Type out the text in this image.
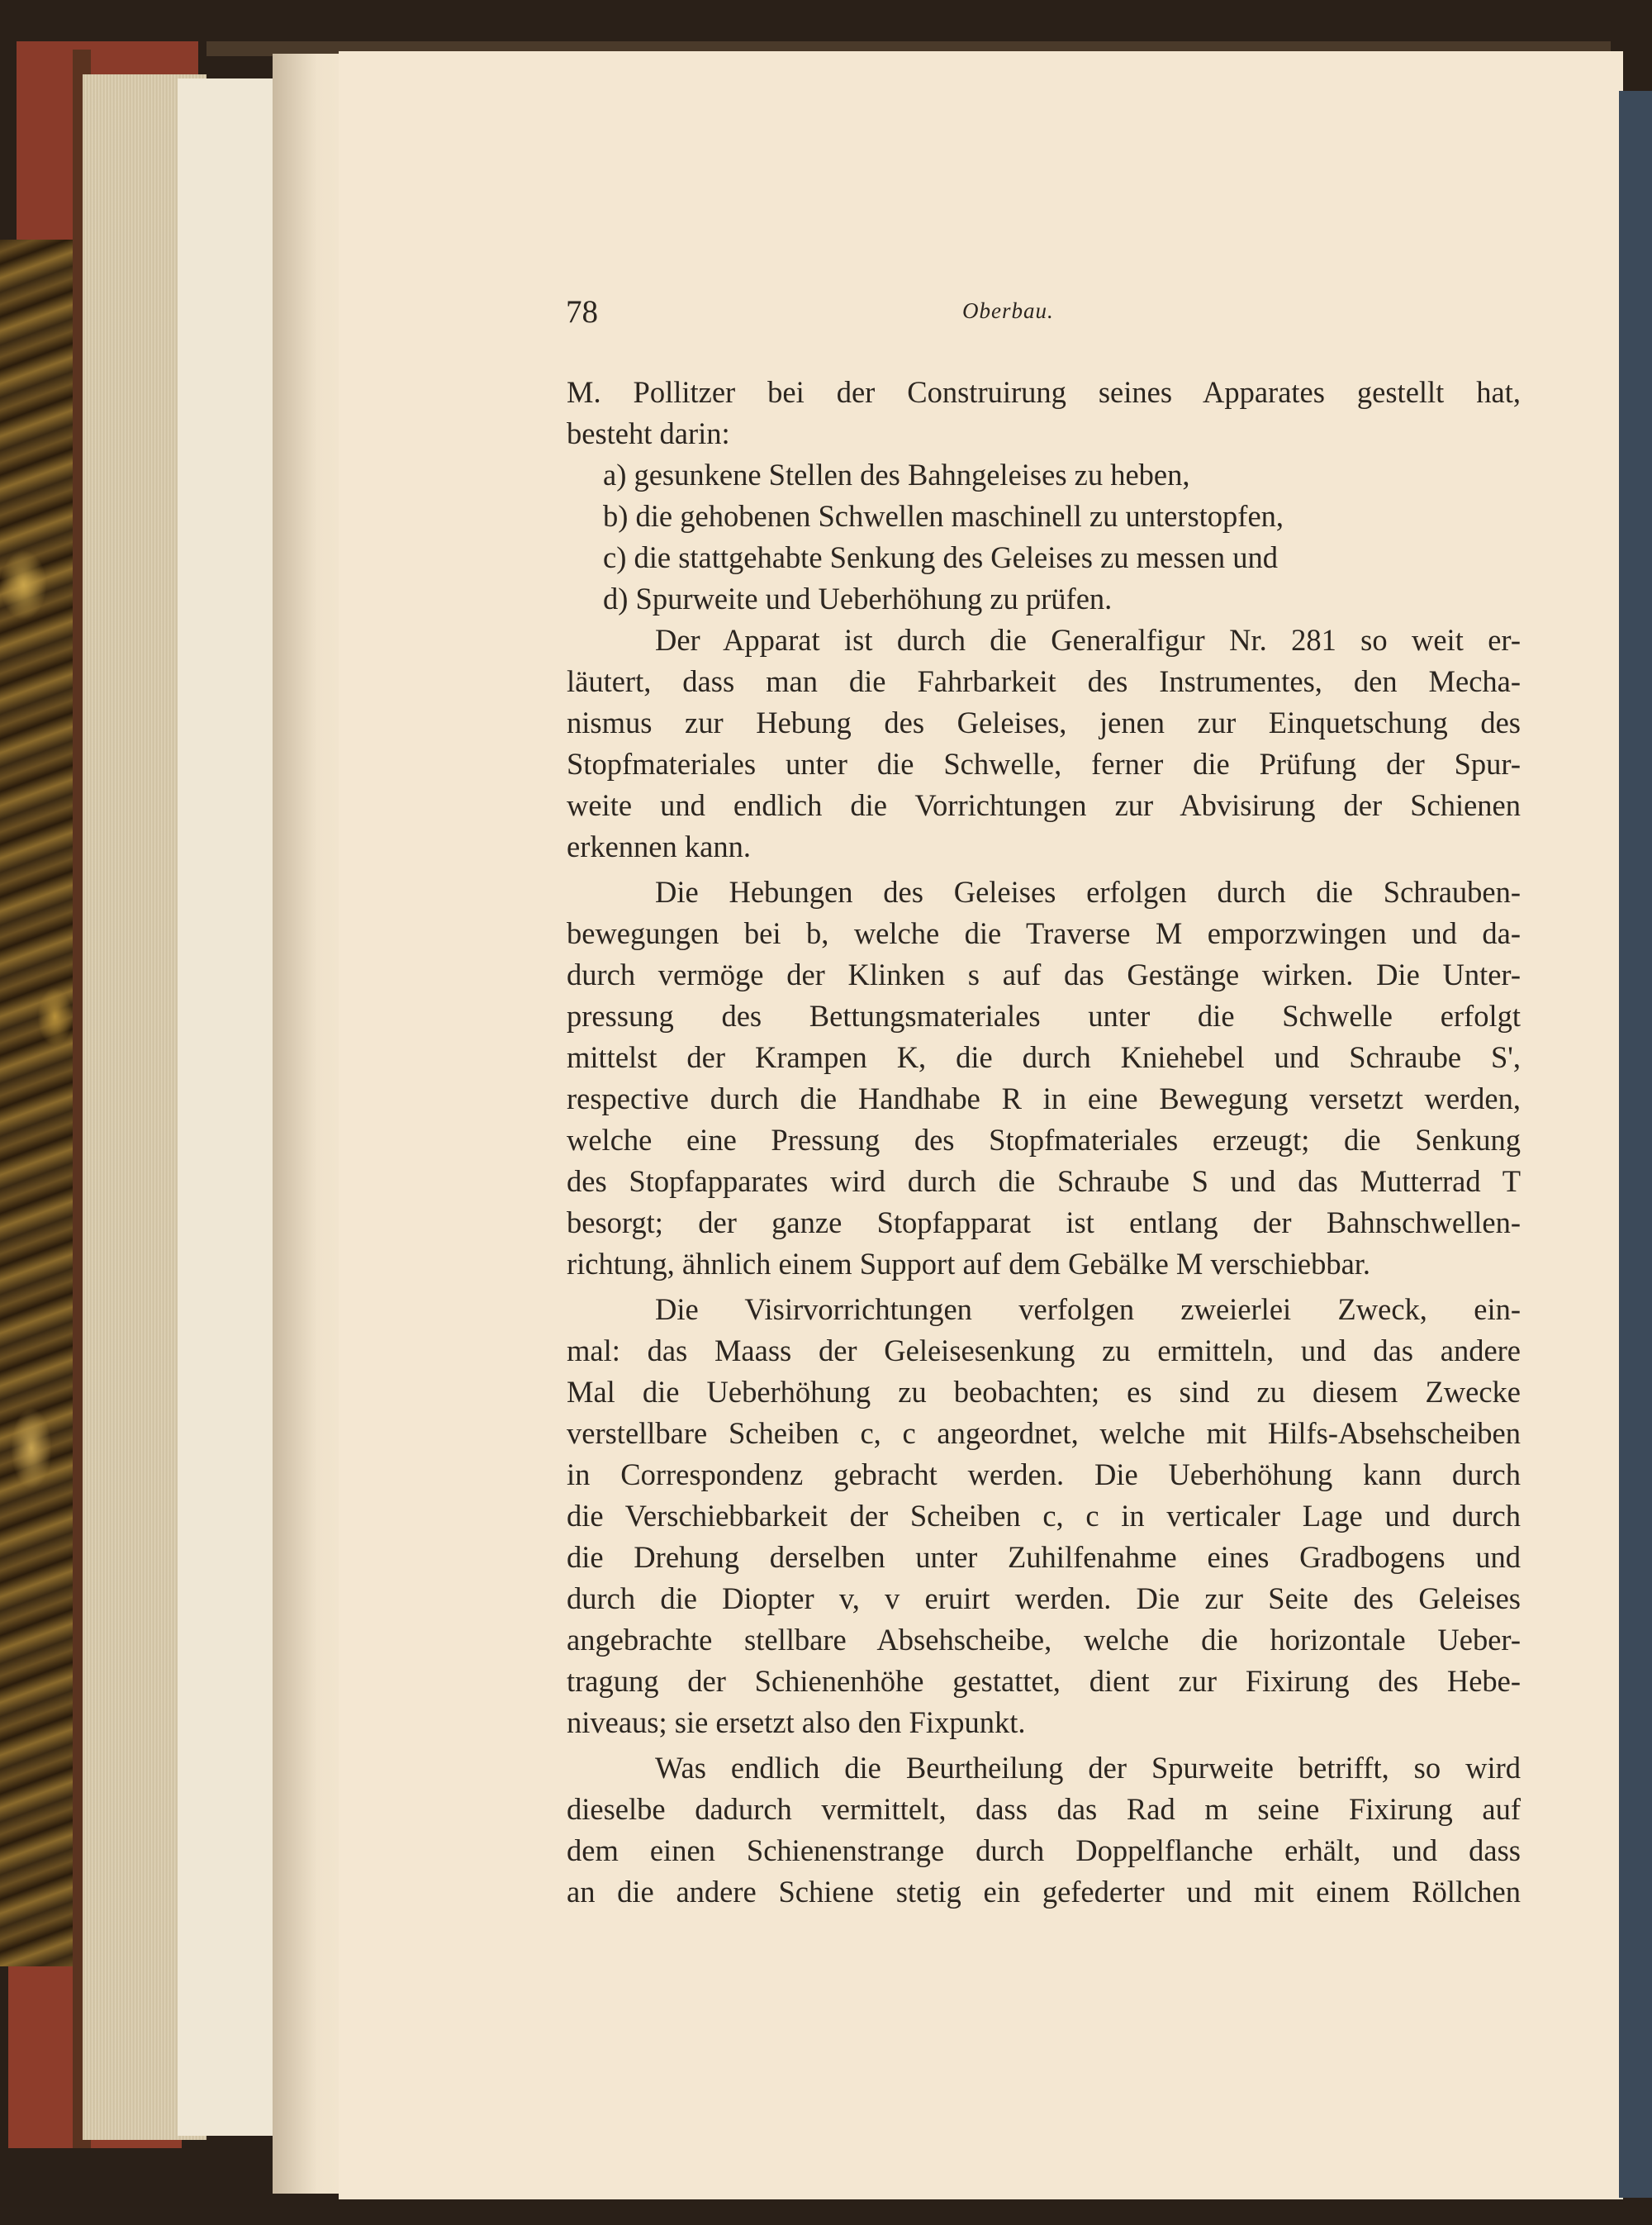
78	Oberbau.
M. Pollitzer bei der Construirung seines Apparates gestellt hat,
besteht darin:
a) gesunkene Stellen des Bahngeleises zu heben,
b) die gehobenen Schwellen maschinell zu unterstopfen,
c) die stattgehabte Senkung des Geleises zu messen und
d) Spurweite und Ueberhöhung zu prüfen.
Der Apparat ist durch die Generalfigur Nr. 281 so weit er-
läutert, dass man die Fahrbarkeit des Instrumentes, den Mecha-
nismus zur Hebung des Geleises, jenen zur Einquetschung des
Stopfmateriales unter die Schwelle, ferner die Prüfung der Spur-
weite und endlich die Vorrichtungen zur Abvisirung der Schienen
erkennen kann.
Die Hebungen des Geleises erfolgen durch die Schrauben-
bewegungen bei b, welche die Traverse M emporzwingen und da-
durch vermöge der Klinken s auf das Gestänge wirken. Die Unter-
pressung des Bettungsmateriales unter die Schwelle erfolgt
mittelst der Krampen K, die durch Kniehebel und Schraube S',
respective durch die Handhabe R in eine Bewegung versetzt werden,
welche eine Pressung des Stopfmateriales erzeugt; die Senkung
des Stopfapparates wird durch die Schraube S und das Mutterrad T
besorgt; der ganze Stopfapparat ist entlang der Bahnschwellen-
richtung, ähnlich einem Support auf dem Gebälke M verschiebbar.
Die Visirvorrichtungen verfolgen zweierlei Zweck, ein-
mal: das Maass der Geleisesenkung zu ermitteln, und das andere
Mal die Ueberhöhung zu beobachten; es sind zu diesem Zwecke
verstellbare Scheiben c, c angeordnet, welche mit Hilfs-Absehscheiben
in Correspondenz gebracht werden. Die Ueberhöhung kann durch
die Verschiebbarkeit der Scheiben c, c in verticaler Lage und durch
die Drehung derselben unter Zuhilfenahme eines Gradbogens und
durch die Diopter v, v eruirt werden. Die zur Seite des Geleises
angebrachte stellbare Absehscheibe, welche die horizontale Ueber-
tragung der Schienenhöhe gestattet, dient zur Fixirung des Hebe-
niveaus; sie ersetzt also den Fixpunkt.
Was endlich die Beurtheilung der Spurweite betrifft, so wird
dieselbe dadurch vermittelt, dass das Rad m seine Fixirung auf
dem einen Schienenstrange durch Doppelflanche erhält, und dass
an die andere Schiene stetig ein gefederter und mit einem Röllchen
